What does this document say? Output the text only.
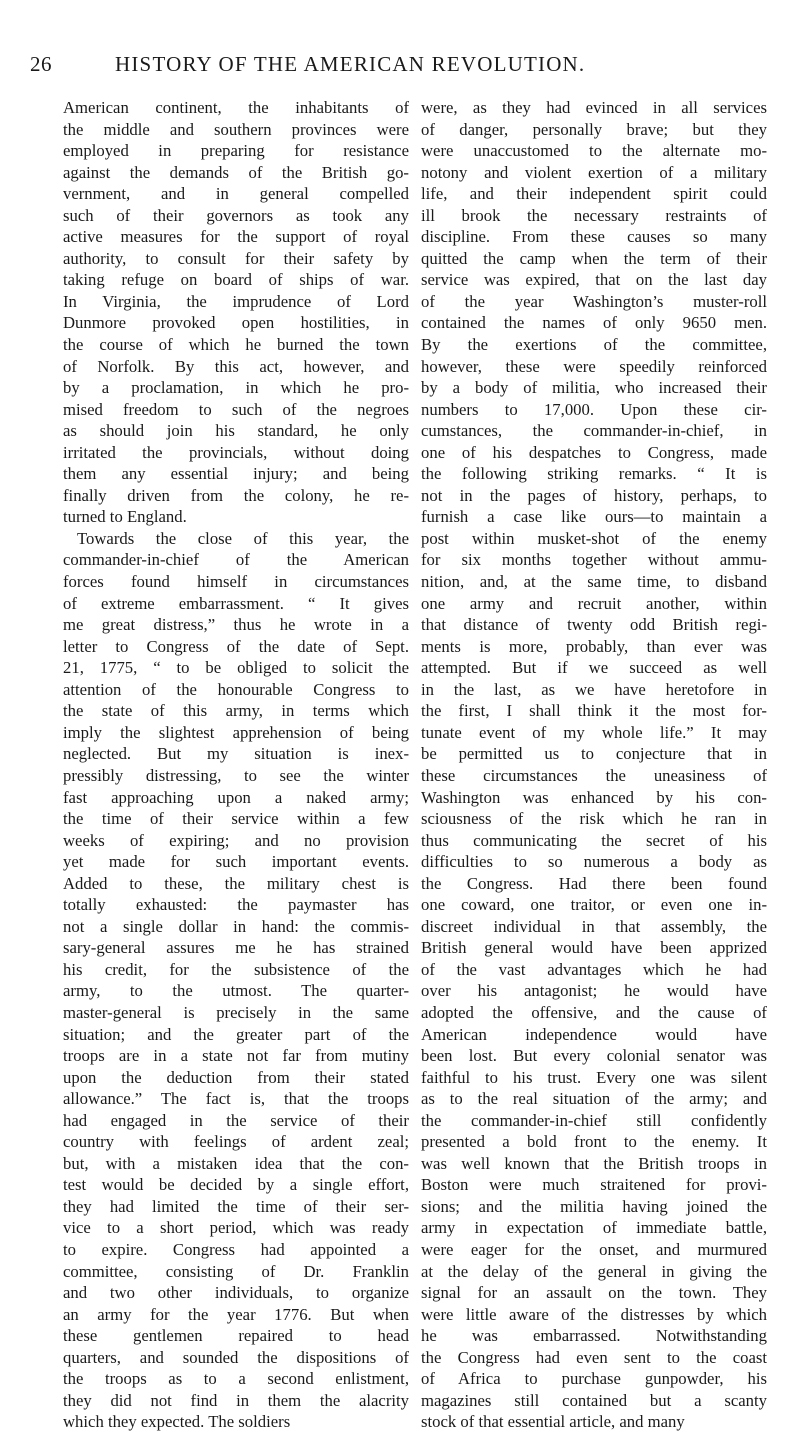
26	HISTORY OF THE AMERICAN REVOLUTION.
American continent, the inhabitants of
the middle and southern provinces were
employed in preparing for resistance
against the demands of the British go-
vernment, and in general compelled
such of their governors as took any
active measures for the support of royal
authority, to consult for their safety by
taking refuge on board of ships of war.
In Virginia, the imprudence of Lord
Dunmore provoked open hostilities, in
the course of which he burned the town
of Norfolk. By this act, however, and
by a proclamation, in which he pro-
mised freedom to such of the negroes
as should join his standard, he only
irritated the provincials, without doing
them any essential injury; and being
finally driven from the colony, he re-
turned to England.
Towards the close of this year, the
commander-in-chief of the American
forces found himself in circumstances
of extreme embarrassment. “ It gives
me great distress,” thus he wrote in a
letter to Congress of the date of Sept.
21, 1775, “ to be obliged to solicit the
attention of the honourable Congress to
the state of this army, in terms which
imply the slightest apprehension of being
neglected. But my situation is inex-
pressibly distressing, to see the winter
fast approaching upon a naked army;
the time of their service within a few
weeks of expiring; and no provision
yet made for such important events.
Added to these, the military chest is
totally exhausted: the paymaster has
not a single dollar in hand: the commis-
sary-general assures me he has strained
his credit, for the subsistence of the
army, to the utmost. The quarter-
master-general is precisely in the same
situation; and the greater part of the
troops are in a state not far from mutiny
upon the deduction from their stated
allowance.” The fact is, that the troops
had engaged in the service of their
country with feelings of ardent zeal;
but, with a mistaken idea that the con-
test would be decided by a single effort,
they had limited the time of their ser-
vice to a short period, which was ready
to expire. Congress had appointed a
committee, consisting of Dr. Franklin
and two other individuals, to organize
an army for the year 1776. But when
these gentlemen repaired to head
quarters, and sounded the dispositions of
the troops as to a second enlistment,
they did not find in them the alacrity
which they expected. The soldiers
were, as they had evinced in all services
of danger, personally brave; but they
were unaccustomed to the alternate mo-
notony and violent exertion of a military
life, and their independent spirit could
ill brook the necessary restraints of
discipline. From these causes so many
quitted the camp when the term of their
service was expired, that on the last day
of the year Washington’s muster-roll
contained the names of only 9650 men.
By the exertions of the committee,
however, these were speedily reinforced
by a body of militia, who increased their
numbers to 17,000. Upon these cir-
cumstances, the commander-in-chief, in
one of his despatches to Congress, made
the following striking remarks. “ It is
not in the pages of history, perhaps, to
furnish a case like ours—to maintain a
post within musket-shot of the enemy
for six months together without ammu-
nition, and, at the same time, to disband
one army and recruit another, within
that distance of twenty odd British regi-
ments is more, probably, than ever was
attempted. But if we succeed as well
in the last, as we have heretofore in
the first, I shall think it the most for-
tunate event of my whole life.” It may
be permitted us to conjecture that in
these circumstances the uneasiness of
Washington was enhanced by his con-
sciousness of the risk which he ran in
thus communicating the secret of his
difficulties to so numerous a body as
the Congress. Had there been found
one coward, one traitor, or even one in-
discreet individual in that assembly, the
British general would have been apprized
of the vast advantages which he had
over his antagonist; he would have
adopted the offensive, and the cause of
American independence would have
been lost. But every colonial senator was
faithful to his trust. Every one was silent
as to the real situation of the army; and
the commander-in-chief still confidently
presented a bold front to the enemy. It
was well known that the British troops in
Boston were much straitened for provi-
sions; and the militia having joined the
army in expectation of immediate battle,
were eager for the onset, and murmured
at the delay of the general in giving the
signal for an assault on the town. They
were little aware of the distresses by which
he was embarrassed. Notwithstanding
the Congress had even sent to the coast
of Africa to purchase gunpowder, his
magazines still contained but a scanty
stock of that essential article, and many
